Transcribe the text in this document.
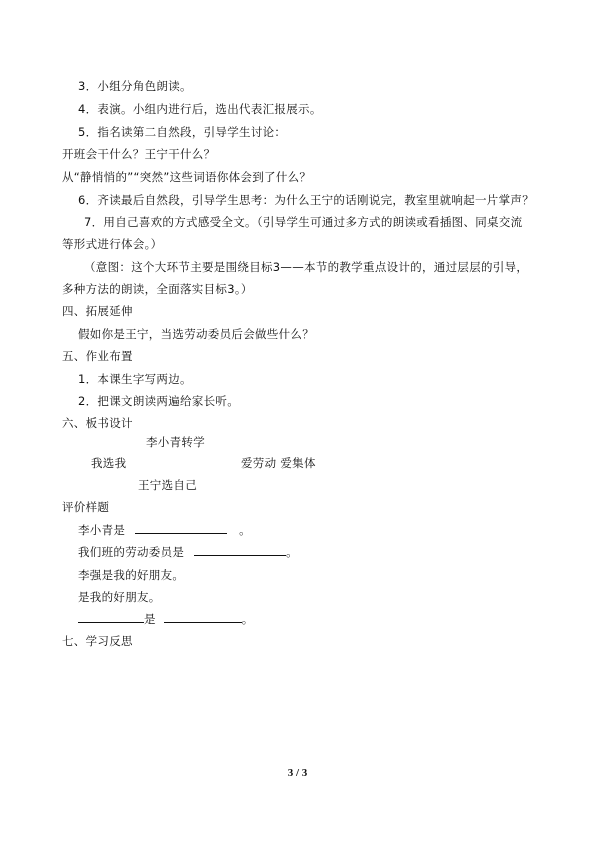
3．小组分角色朗读。
4．表演。小组内进行后，选出代表汇报展示。
5．指名读第二自然段，引导学生讨论：
开班会干什么？王宁干什么？
从“静悄悄的”“突然”这些词语你体会到了什么？
6．齐读最后自然段，引导学生思考：为什么王宁的话刚说完，教室里就响起一片掌声？
7．用自己喜欢的方式感受全文。（引导学生可通过多方式的朗读或看插图、同桌交流
等形式进行体会。）
（意图：这个大环节主要是围绕目标3——本节的教学重点设计的，通过层层的引导，
多种方法的朗读，全面落实目标3。）
四、拓展延伸
假如你是王宁，当选劳动委员后会做些什么？
五、作业布置
1．本课生字写两边。
2．把课文朗读两遍给家长听。
六、板书设计
李小青转学
我选我	爱劳动 爱集体
王宁选自己
评价样题
李小青是	。
我们班的劳动委员是	。
李强是我的好朋友。
是我的好朋友。
是	。
七、学习反思
3 / 3
